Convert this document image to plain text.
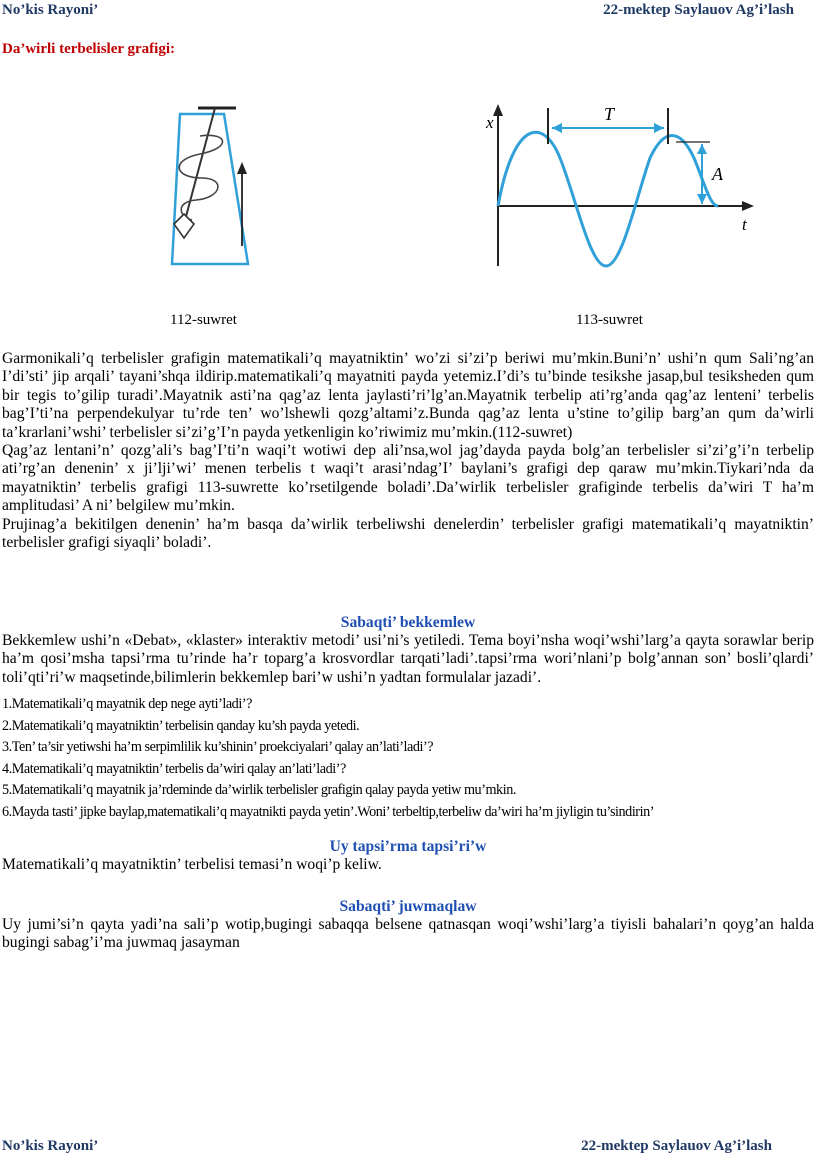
No’kis Rayoni’	22-mektep Saylauov Ag’i’lash
Da’wirli terbelisler grafigi:
x
t
T
A
112-suwret	113-suwret

Garmonikali’q terbelisler grafigin matematikali’q mayatniktin’ wo’zi si’zi’p beriwi mu’mkin.Buni’n’ ushi’n qum Sali’ng’an I’di’sti’ jip arqali’ tayani’shqa ildirip.matematikali’q mayatniti payda yetemiz.I’di’s tu’binde tesikshe jasap,bul tesiksheden qum bir tegis to’gilip turadi’.Mayatnik asti’na qag’az lenta jaylasti’ri’lg’an.Mayatnik terbelip ati’rg’anda qag’az lenteni’ terbelis bag’I’ti’na perpendekulyar tu’rde ten’ wo’lshewli qozg’altami’z.Bunda qag’az lenta u’stine to’gilip barg’an qum da’wirli ta’krarlani’wshi’ terbelisler si’zi’g’I’n payda yetkenligin ko’riwimiz mu’mkin.(112-suwret)

Qag’az lentani’n’ qozg’ali’s bag’I’ti’n waqi’t wotiwi dep ali’nsa,wol jag’dayda payda bolg’an terbelisler si’zi’g’i’n terbelip ati’rg’an denenin’ x ji’lji’wi’ menen terbelis t waqi’t arasi’ndag’I’ baylani’s grafigi dep qaraw mu’mkin.Tiykari’nda da mayatniktin’ terbelis grafigi 113-suwrette ko’rsetilgende boladi’.Da’wirlik terbelisler grafiginde terbelis da’wiri T ha’m amplitudasi’ A ni’ belgilew mu’mkin.

Prujinag’a bekitilgen denenin’ ha’m basqa da’wirlik terbeliwshi denelerdin’ terbelisler grafigi matematikali’q mayatniktin’ terbelisler grafigi siyaqli’ boladi’.

Sabaqti’ bekkemlew
Bekkemlew ushi’n «Debat», «klaster» interaktiv metodi’ usi’ni’s yetiledi. Tema boyi’nsha woqi’wshi’larg’a qayta sorawlar berip ha’m qosi’msha tapsi’rma tu’rinde ha’r toparg’a krosvordlar tarqati’ladi’.tapsi’rma wori’nlani’p bolg’annan son’ bosli’qlardi’ toli’qti’ri’w maqsetinde,bilimlerin bekkemlep bari’w ushi’n yadtan formulalar jazadi’.
1.Matematikali’q mayatnik dep nege ayti’ladi’?
2.Matematikali’q mayatniktin’ terbelisin qanday ku’sh payda yetedi.
3.Ten’ ta’sir yetiwshi ha’m serpimlilik ku’shinin’ proekciyalari’ qalay an’lati’ladi’?
4.Matematikali’q mayatniktin’ terbelis da’wiri qalay an’lati’ladi’?
5.Matematikali’q mayatnik ja’rdeminde da’wirlik terbelisler grafigin qalay payda yetiw mu’mkin.
6.Mayda tasti’ jipke baylap,matematikali’q mayatnikti payda yetin’.Woni’ terbeltip,terbeliw da’wiri ha’m jiyligin tu’sindirin’
Uy tapsi’rma tapsi’ri’w
Matematikali’q mayatniktin’ terbelisi temasi’n woqi’p keliw.
Sabaqti’ juwmaqlaw
Uy jumi’si’n qayta yadi’na sali’p wotip,bugingi sabaqqa belsene qatnasqan woqi’wshi’larg’a tiyisli bahalari’n qoyg’an halda bugingi sabag’i’ma juwmaq jasayman
No’kis Rayoni’	22-mektep Saylauov Ag’i’lash
